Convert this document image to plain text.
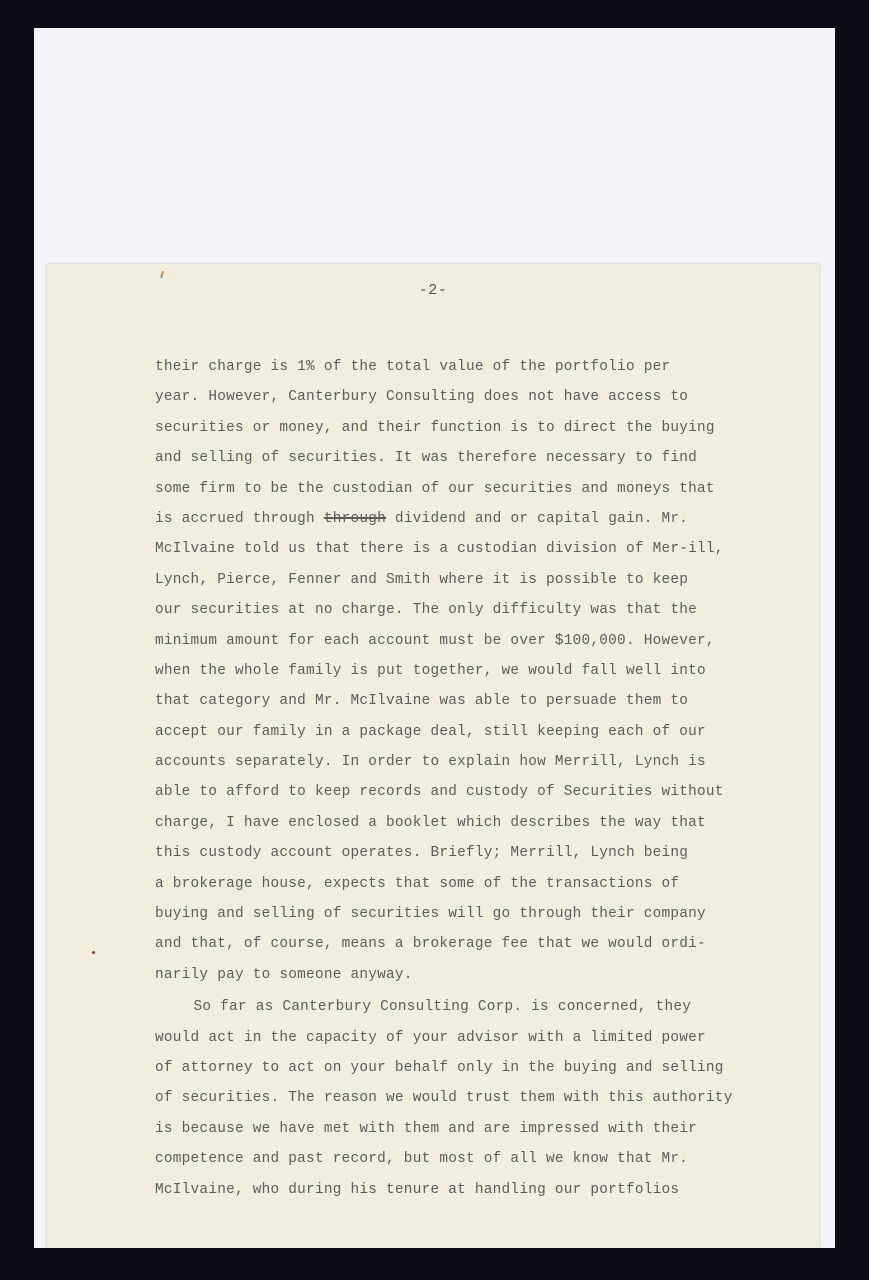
-2-
their charge is 1% of the total value of the portfolio per
year. However, Canterbury Consulting does not have access to
securities or money, and their function is to direct the buying
and selling of securities. It was therefore necessary to find
some firm to be the custodian of our securities and moneys that
is accrued through through dividend and or capital gain. Mr.
McIlvaine told us that there is a custodian division of Mer-ill,
Lynch, Pierce, Fenner and Smith where it is possible to keep
our securities at no charge. The only difficulty was that the
minimum amount for each account must be over $100,000. However,
when the whole family is put together, we would fall well into
that category and Mr. McIlvaine was able to persuade them to
accept our family in a package deal, still keeping each of our
accounts separately. In order to explain how Merrill, Lynch is
able to afford to keep records and custody of Securities without
charge, I have enclosed a booklet which describes the way that
this custody account operates. Briefly; Merrill, Lynch being
a brokerage house, expects that some of the transactions of
buying and selling of securities will go through their company
and that, of course, means a brokerage fee that we would ordi-
narily pay to someone anyway.
So far as Canterbury Consulting Corp. is concerned, they
would act in the capacity of your advisor with a limited power
of attorney to act on your behalf only in the buying and selling
of securities. The reason we would trust them with this authority
is because we have met with them and are impressed with their
competence and past record, but most of all we know that Mr.
McIlvaine, who during his tenure at handling our portfolios
